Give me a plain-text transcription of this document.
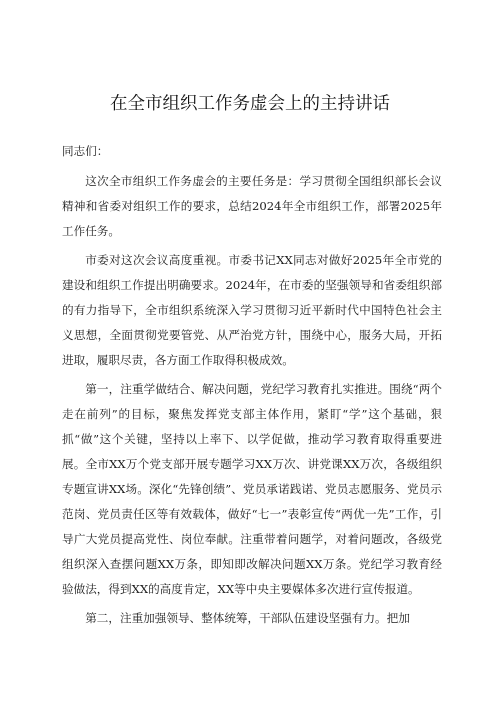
在全市组织工作务虚会上的主持讲话

同志们：

这次全市组织工作务虚会的主要任务是：学习贯彻全国组织部长会议精神和省委对组织工作的要求，总结2024年全市组织工作，部署2025年工作任务。

市委对这次会议高度重视。市委书记XX同志对做好2025年全市党的建设和组织工作提出明确要求。2024年，在市委的坚强领导和省委组织部的有力指导下，全市组织系统深入学习贯彻习近平新时代中国特色社会主义思想，全面贯彻党要管党、从严治党方针，围绕中心，服务大局，开拓进取，履职尽责，各方面工作取得积极成效。

第一，注重学做结合、解决问题，党纪学习教育扎实推进。围绕“两个走在前列”的目标，聚焦发挥党支部主体作用，紧盯“学”这个基础，狠抓“做”这个关键，坚持以上率下、以学促做，推动学习教育取得重要进展。全市XX万个党支部开展专题学习XX万次、讲党课XX万次，各级组织专题宣讲XX场。深化“先锋创绩”、党员承诺践诺、党员志愿服务、党员示范岗、党员责任区等有效载体，做好“七一”表彰宣传“两优一先”工作，引导广大党员提高党性、岗位奉献。注重带着问题学，对着问题改，各级党组织深入查摆问题XX万条，即知即改解决问题XX万条。党纪学习教育经验做法，得到XX的高度肯定，XX等中央主要媒体多次进行宣传报道。

第二，注重加强领导、整体统筹，干部队伍建设坚强有力。把加
